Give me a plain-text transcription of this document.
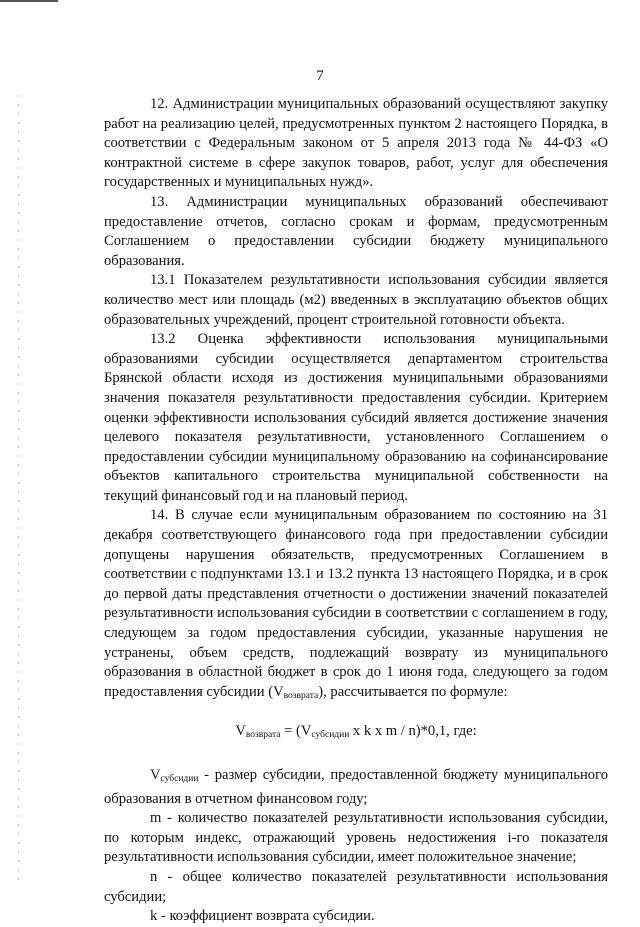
7

12. Администрации муниципальных образований осуществляют закупку работ на реализацию целей, предусмотренных пунктом 2 настоящего Порядка, в соответствии с Федеральным законом от 5 апреля 2013 года № 44-ФЗ «О контрактной системе в сфере закупок товаров, работ, услуг для обеспечения государственных и муниципальных нужд».

13. Администрации муниципальных образований обеспечивают предоставление отчетов, согласно срокам и формам, предусмотренным Соглашением о предоставлении субсидии бюджету муниципального образования.

13.1 Показателем результативности использования субсидии является количество мест или площадь (м2) введенных в эксплуатацию объектов общих образовательных учреждений, процент строительной готовности объекта.

13.2 Оценка эффективности использования муниципальными образованиями субсидии осуществляется департаментом строительства Брянской области исходя из достижения муниципальными образованиями значения показателя результативности предоставления субсидии. Критерием оценки эффективности использования субсидий является достижение значения целевого показателя результативности, установленного Соглашением о предоставлении субсидии муниципальному образованию на софинансирование объектов капитального строительства муниципальной собственности на текущий финансовый год и на плановый период.

14. В случае если муниципальным образованием по состоянию на 31 декабря соответствующего финансового года при предоставлении субсидии допущены нарушения обязательств, предусмотренных Соглашением в соответствии с подпунктами 13.1 и 13.2 пункта 13 настоящего Порядка, и в срок до первой даты представления отчетности о достижении значений показателей результативности использования субсидии в соответствии с соглашением в году, следующем за годом предоставления субсидии, указанные нарушения не устранены, объем средств, подлежащий возврату из муниципального образования в областной бюджет в срок до 1 июня года, следующего за годом предоставления субсидии $(V_{возврата})$, рассчитывается по формуле:

$V_{возврата} = (V_{субсидии}$ x k x m / n)*0,1, где:

$V_{субсидии}$ - размер субсидии, предоставленной бюджету муниципального образования в отчетном финансовом году;

m - количество показателей результативности использования субсидии, по которым индекс, отражающий уровень недостижения i-го показателя результативности использования субсидии, имеет положительное значение;

n - общее количество показателей результативности использования субсидии;

k - коэффициент возврата субсидии.
